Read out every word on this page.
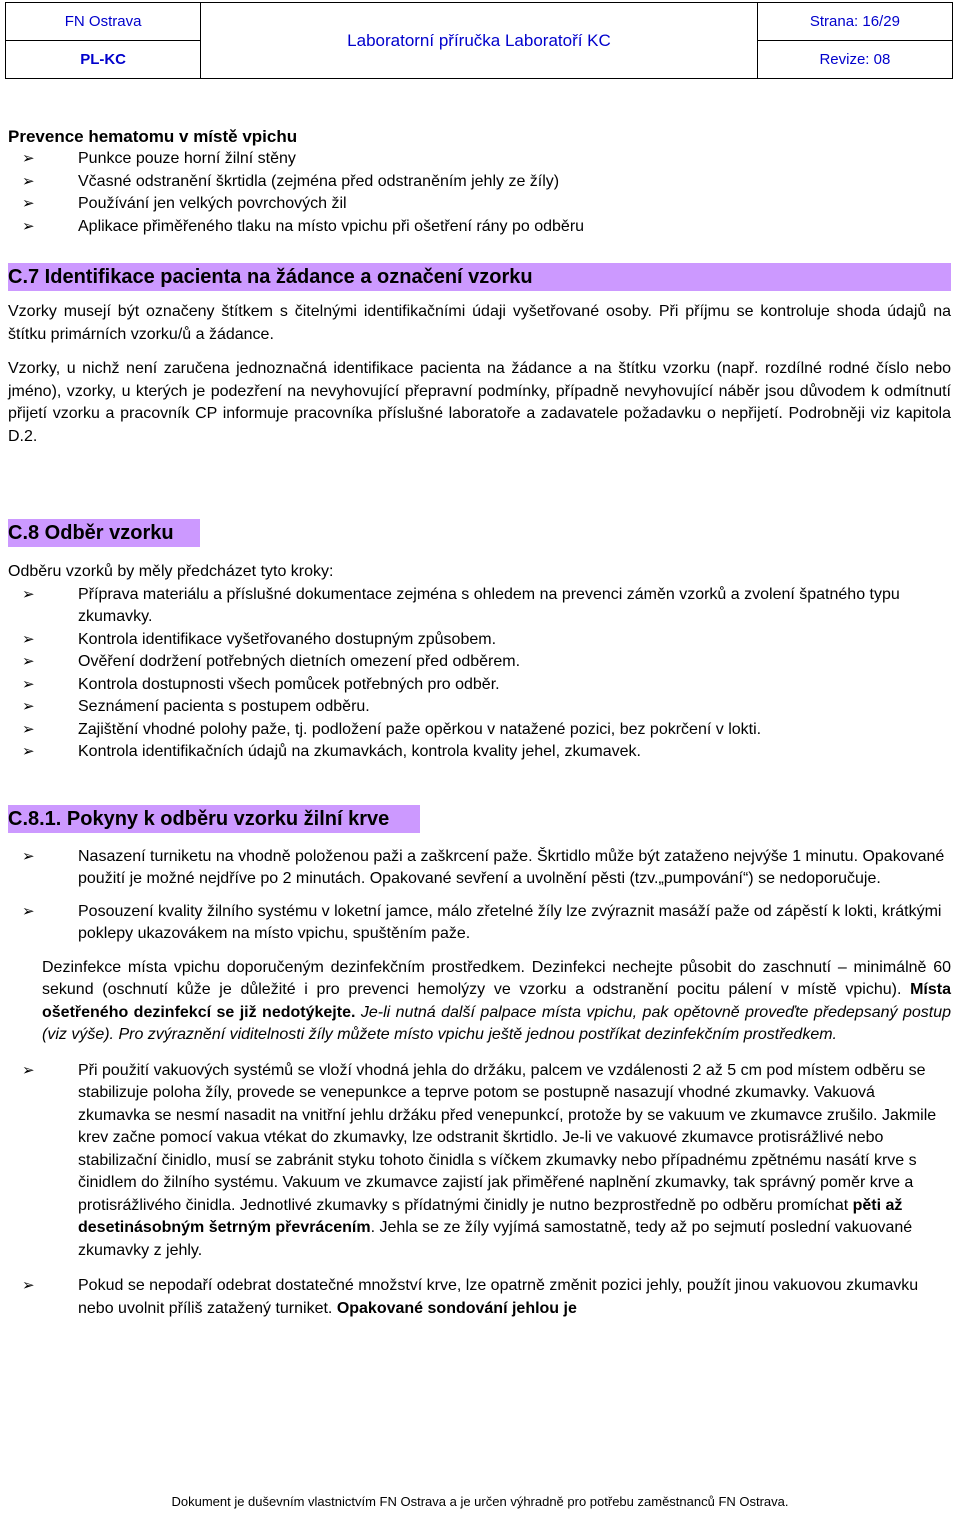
FN Ostrava	Laboratorní příručka Laboratoří KC	Strana: 16/29
PL-KC		Revize: 08

Prevence hematomu v místě vpichu

➢	Punkce pouze horní žilní stěny
➢	Včasné odstranění škrtidla (zejména před odstraněním jehly ze žíly)
➢	Používání jen velkých povrchových žil
➢	Aplikace přiměřeného tlaku na místo vpichu při ošetření rány po odběru
C.7 Identifikace pacienta na žádance a označení vzorku

Vzorky musejí být označeny štítkem s čitelnými identifikačními údaji vyšetřované osoby. Při příjmu se kontroluje shoda údajů na štítku primárních vzorku/ů a žádance.

Vzorky, u nichž není zaručena jednoznačná identifikace pacienta na žádance a na štítku vzorku (např. rozdílné rodné číslo nebo jméno), vzorky, u kterých je podezření na nevyhovující přepravní podmínky, případně nevyhovující náběr jsou důvodem k odmítnutí přijetí vzorku a pracovník CP informuje pracovníka příslušné laboratoře a zadavatele požadavku o nepřijetí. Podrobněji viz kapitola D.2.

C.8 Odběr vzorku

Odběru vzorků by měly předcházet tyto kroky:

➢	Příprava materiálu a příslušné dokumentace zejména s ohledem na prevenci záměn vzorků a zvolení špatného typu zkumavky.
➢	Kontrola identifikace vyšetřovaného dostupným způsobem.
➢	Ověření dodržení potřebných dietních omezení před odběrem.
➢	Kontrola dostupnosti všech pomůcek potřebných pro odběr.
➢	Seznámení pacienta s postupem odběru.
➢	Zajištění vhodné polohy paže, tj. podložení paže opěrkou v natažené pozici, bez pokrčení v lokti.
➢	Kontrola identifikačních údajů na zkumavkách, kontrola kvality jehel, zkumavek.
C.8.1. Pokyny k odběru vzorku žilní krve
➢	Nasazení turniketu na vhodně položenou paži a zaškrcení paže. Škrtidlo může být zataženo nejvýše 1 minutu. Opakované použití je možné nejdříve po 2 minutách. Opakované sevření a uvolnění pěsti (tzv.„pumpování“) se nedoporučuje.
➢	Posouzení kvality žilního systému v loketní jamce, málo zřetelné žíly lze zvýraznit masáží paže od zápěstí k lokti, krátkými poklepy ukazovákem na místo vpichu, spuštěním paže.

Dezinfekce místa vpichu doporučeným dezinfekčním prostředkem. Dezinfekci nechejte působit do zaschnutí – minimálně 60 sekund (oschnutí kůže je důležité i pro prevenci hemolýzy ve vzorku a odstranění pocitu pálení v místě vpichu). Místa ošetřeného dezinfekcí se již nedotýkejte. Je-li nutná další palpace místa vpichu, pak opětovně proveďte předepsaný postup (viz výše). Pro zvýraznění viditelnosti žíly můžete místo vpichu ještě jednou postříkat dezinfekčním prostředkem.

➢	Při použití vakuových systémů se vloží vhodná jehla do držáku, palcem ve vzdálenosti 2 až 5 cm pod místem odběru se stabilizuje poloha žíly, provede se venepunkce a teprve potom se postupně nasazují vhodné zkumavky. Vakuová zkumavka se nesmí nasadit na vnitřní jehlu držáku před venepunkcí, protože by se vakuum ve zkumavce zrušilo. Jakmile krev začne pomocí vakua vtékat do zkumavky, lze odstranit škrtidlo. Je-li ve vakuové zkumavce protisrážlivé nebo stabilizační činidlo, musí se zabránit styku tohoto činidla s víčkem zkumavky nebo případnému zpětnému nasátí krve s činidlem do žilního systému. Vakuum ve zkumavce zajistí jak přiměřené naplnění zkumavky, tak správný poměr krve a protisrážlivého činidla. Jednotlivé zkumavky s přídatnými činidly je nutno bezprostředně po odběru promíchat pěti až desetinásobným šetrným převrácením. Jehla se ze žíly vyjímá samostatně, tedy až po sejmutí poslední vakuované zkumavky z jehly.
➢	Pokud se nepodaří odebrat dostatečné množství krve, lze opatrně změnit pozici jehly, použít jinou vakuovou zkumavku nebo uvolnit příliš zatažený turniket. Opakované sondování jehlou je
Dokument je duševním vlastnictvím FN Ostrava a je určen výhradně pro potřebu zaměstnanců FN Ostrava.
